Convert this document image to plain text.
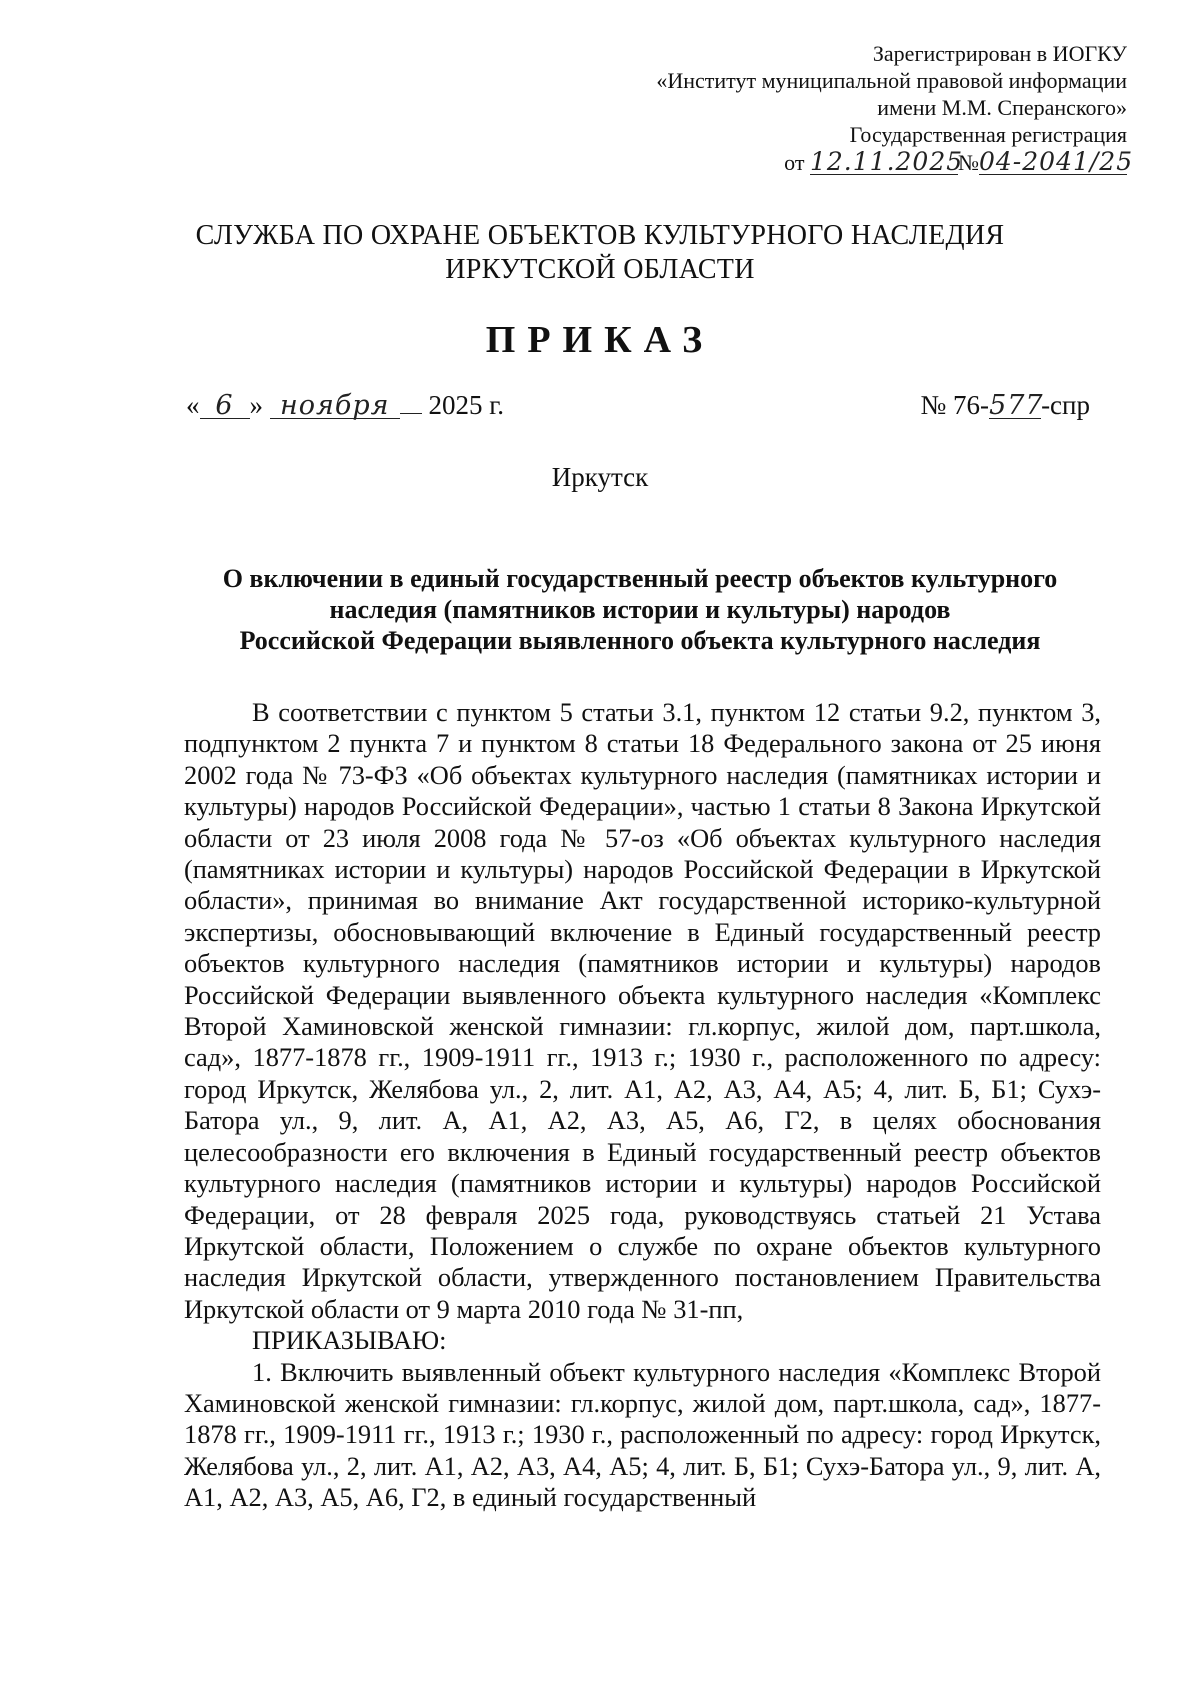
Зарегистрирован в ИОГКУ
«Институт муниципальной правовой информации
имени М.М. Сперанского»
Государственная регистрация
от 12.11.2025№04-2041/25
СЛУЖБА ПО ОХРАНЕ ОБЪЕКТОВ КУЛЬТУРНОГО НАСЛЕДИЯ
ИРКУТСКОЙ ОБЛАСТИ
ПРИКАЗ
« 6 » ноября 2025 г.	№ 76-577-спр
Иркутск
О включении в единый государственный реестр объектов культурного
наследия (памятников истории и культуры) народов
Российской Федерации выявленного объекта культурного наследия

В соответствии с пунктом 5 статьи 3.1, пунктом 12 статьи 9.2, пунктом 3, подпунктом 2 пункта 7 и пунктом 8 статьи 18 Федерального закона от 25 июня 2002 года № 73-ФЗ «Об объектах культурного наследия (памятниках истории и культуры) народов Российской Федерации», частью 1 статьи 8 Закона Иркутской области от 23 июля 2008 года № 57-оз «Об объектах культурного наследия (памятниках истории и культуры) народов Российской Федерации в Иркутской области», принимая во внимание Акт государственной историко-культурной экспертизы, обосновывающий включение в Единый государственный реестр объектов культурного наследия (памятников истории и культуры) народов Российской Федерации выявленного объекта культурного наследия «Комплекс Второй Хаминовской женской гимназии: гл.корпус, жилой дом, парт.школа, сад», 1877-1878 гг., 1909-1911 гг., 1913 г.; 1930 г., расположенного по адресу: город Иркутск, Желябова ул., 2, лит. А1, А2, А3, А4, А5; 4, лит. Б, Б1; Сухэ-Батора ул., 9, лит. А, А1, А2, А3, А5, А6, Г2, в целях обоснования целесообразности его включения в Единый государственный реестр объектов культурного наследия (памятников истории и культуры) народов Российской Федерации, от 28 февраля 2025 года, руководствуясь статьей 21 Устава Иркутской области, Положением о службе по охране объектов культурного наследия Иркутской области, утвержденного постановлением Правительства Иркутской области от 9 марта 2010 года № 31-пп,

ПРИКАЗЫВАЮ:

1. Включить выявленный объект культурного наследия «Комплекс Второй Хаминовской женской гимназии: гл.корпус, жилой дом, парт.школа, сад», 1877-1878 гг., 1909-1911 гг., 1913 г.; 1930 г., расположенный по адресу: город Иркутск, Желябова ул., 2, лит. А1, А2, А3, А4, А5; 4, лит. Б, Б1; Сухэ-Батора ул., 9, лит. А, А1, А2, А3, А5, А6, Г2, в единый государственный
